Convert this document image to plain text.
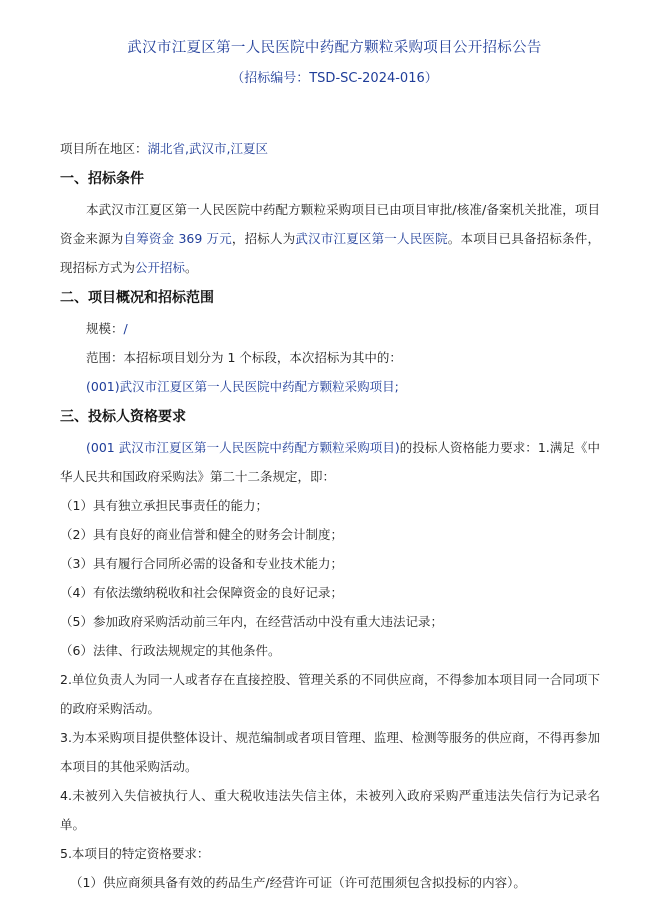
武汉市江夏区第一人民医院中药配方颗粒采购项目公开招标公告
（招标编号：TSD-SC-2024-016）

项目所在地区：湖北省,武汉市,江夏区

一、招标条件

本武汉市江夏区第一人民医院中药配方颗粒采购项目已由项目审批/核准/备案机关批准，项目资金来源为自筹资金 369 万元，招标人为武汉市江夏区第一人民医院。本项目已具备招标条件，现招标方式为公开招标。

二、项目概况和招标范围

规模：/

范围：本招标项目划分为 1 个标段，本次招标为其中的：

(001)武汉市江夏区第一人民医院中药配方颗粒采购项目;

三、投标人资格要求

(001 武汉市江夏区第一人民医院中药配方颗粒采购项目)的投标人资格能力要求：1.满足《中华人民共和国政府采购法》第二十二条规定，即：

（1）具有独立承担民事责任的能力；

（2）具有良好的商业信誉和健全的财务会计制度；

（3）具有履行合同所必需的设备和专业技术能力；

（4）有依法缴纳税收和社会保障资金的良好记录；

（5）参加政府采购活动前三年内，在经营活动中没有重大违法记录；

（6）法律、行政法规规定的其他条件。

2.单位负责人为同一人或者存在直接控股、管理关系的不同供应商，不得参加本项目同一合同项下的政府采购活动。

3.为本采购项目提供整体设计、规范编制或者项目管理、监理、检测等服务的供应商，不得再参加本项目的其他采购活动。

4.未被列入失信被执行人、重大税收违法失信主体，未被列入政府采购严重违法失信行为记录名单。

5.本项目的特定资格要求：

（1）供应商须具备有效的药品生产/经营许可证（许可范围须包含拟投标的内容）。
